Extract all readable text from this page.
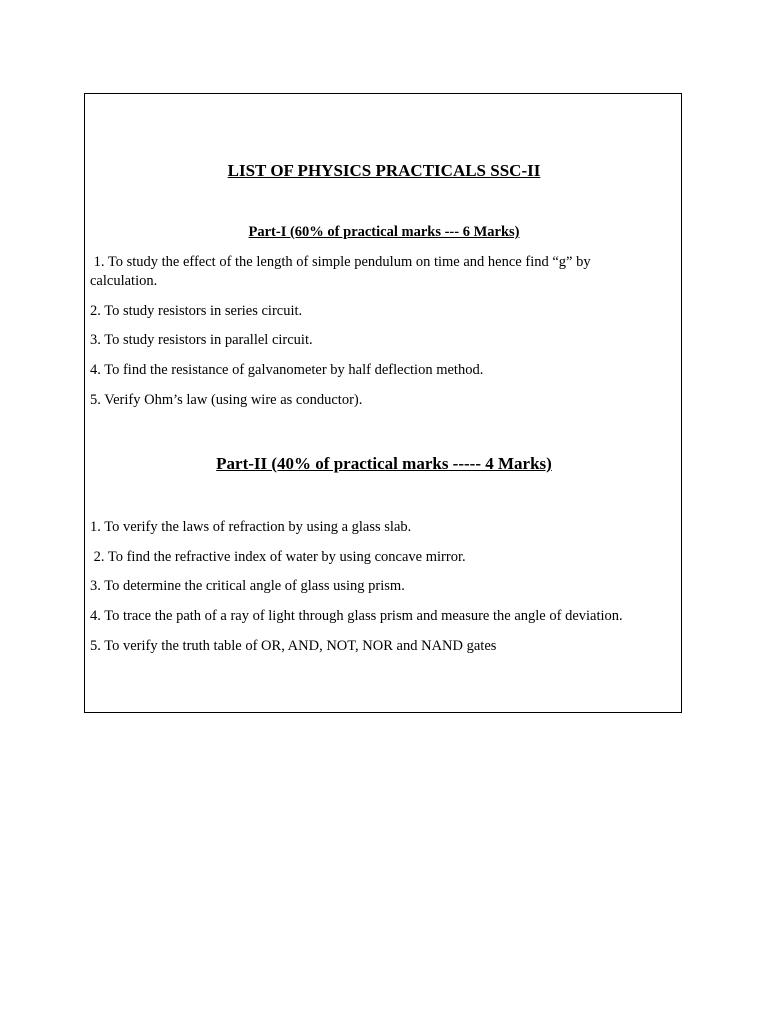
LIST OF PHYSICS PRACTICALS SSC-II
Part-I (60% of practical marks --- 6 Marks)

1. To study the effect of the length of simple pendulum on time and hence find “g” by calculation.

2. To study resistors in series circuit.

3. To study resistors in parallel circuit.

4. To find the resistance of galvanometer by half deflection method.

5. Verify Ohm’s law (using wire as conductor).

Part-II (40% of practical marks ----- 4 Marks)

1. To verify the laws of refraction by using a glass slab.

2. To find the refractive index of water by using concave mirror.

3. To determine the critical angle of glass using prism.

4. To trace the path of a ray of light through glass prism and measure the angle of deviation.

5. To verify the truth table of OR, AND, NOT, NOR and NAND gates
